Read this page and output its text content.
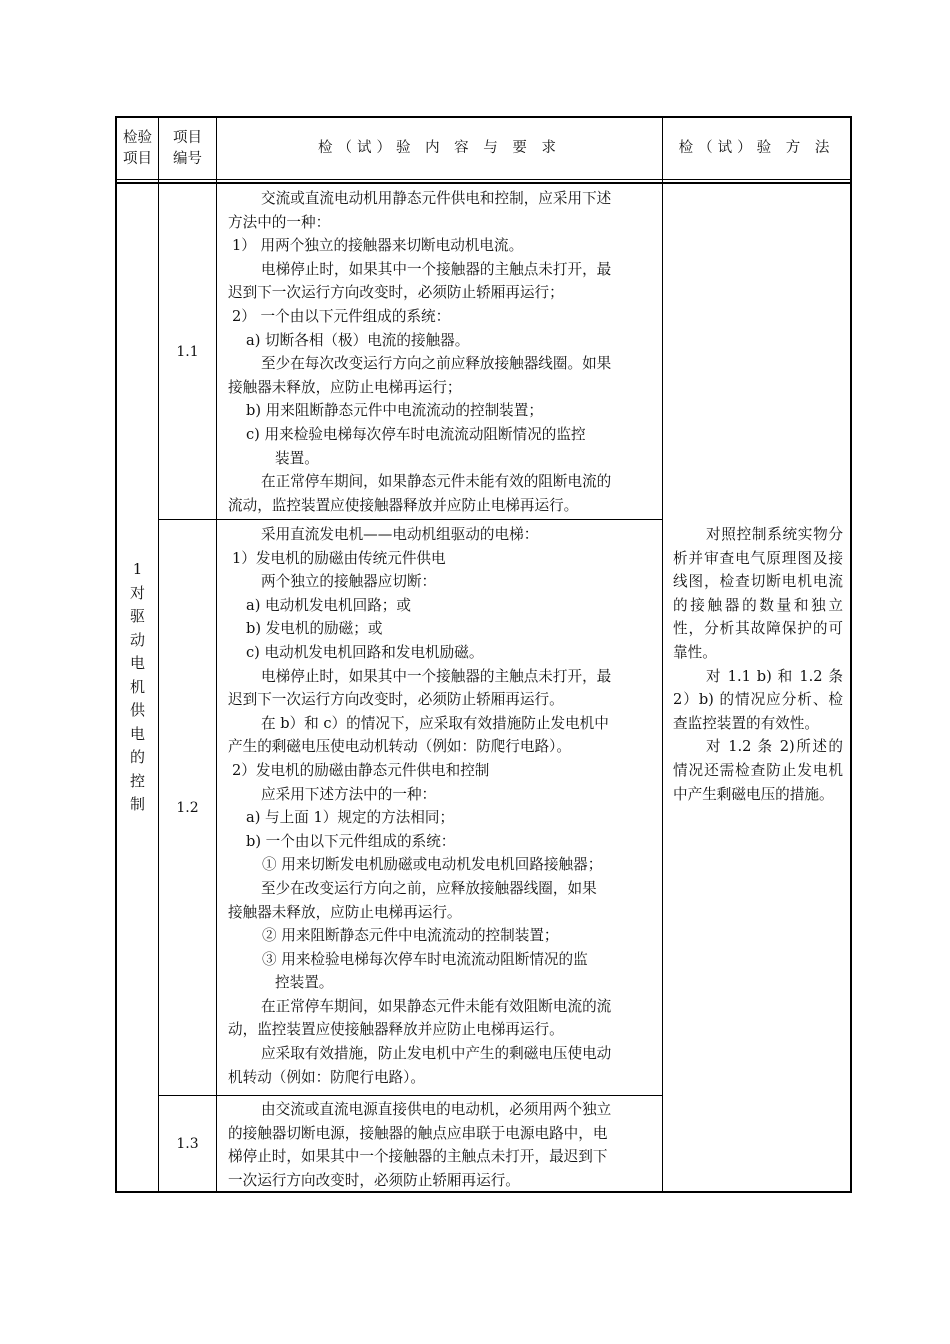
检验
项目
项目
编号
检（试）验 内 容 与 要 求	检（试）验 方 法
1
对
驱
动
电
机
供
电
的
控
制
1.1
1.2
1.3

交流或直流电动机用静态元件供电和控制，应采用下述

方法中的一种：

1） 用两个独立的接触器来切断电动机电流。

电梯停止时，如果其中一个接触器的主触点未打开，最

迟到下一次运行方向改变时，必须防止轿厢再运行；

2） 一个由以下元件组成的系统：

a) 切断各相（极）电流的接触器。

至少在每次改变运行方向之前应释放接触器线圈。如果

接触器未释放，应防止电梯再运行；

b) 用来阻断静态元件中电流流动的控制装置；

c) 用来检验电梯每次停车时电流流动阻断情况的监控

装置。

在正常停车期间，如果静态元件未能有效的阻断电流的

流动，监控装置应使接触器释放并应防止电梯再运行。

采用直流发电机——电动机组驱动的电梯：

1）发电机的励磁由传统元件供电

两个独立的接触器应切断：

a) 电动机发电机回路；或

b) 发电机的励磁；或

c) 电动机发电机回路和发电机励磁。

电梯停止时，如果其中一个接触器的主触点未打开，最

迟到下一次运行方向改变时，必须防止轿厢再运行。

在 b）和 c）的情况下，应采取有效措施防止发电机中

产生的剩磁电压使电动机转动（例如：防爬行电路）。

2）发电机的励磁由静态元件供电和控制

应采用下述方法中的一种：

a) 与上面 1）规定的方法相同；

b) 一个由以下元件组成的系统：

① 用来切断发电机励磁或电动机发电机回路接触器；

至少在改变运行方向之前，应释放接触器线圈，如果

接触器未释放，应防止电梯再运行。

② 用来阻断静态元件中电流流动的控制装置；

③ 用来检验电梯每次停车时电流流动阻断情况的监

控装置。

在正常停车期间，如果静态元件未能有效阻断电流的流

动，监控装置应使接触器释放并应防止电梯再运行。

应采取有效措施，防止发电机中产生的剩磁电压使电动

机转动（例如：防爬行电路）。

由交流或直流电源直接供电的电动机，必须用两个独立

的接触器切断电源，接触器的触点应串联于电源电路中，电

梯停止时，如果其中一个接触器的主触点未打开，最迟到下

一次运行方向改变时，必须防止轿厢再运行。

对照控制系统实物分析并审查电气原理图及接线图，检查切断电机电流的接触器的数量和独立性，分析其故障保护的可靠性。

对 1.1 b) 和 1.2 条 2）b) 的情况应分析、检查监控装置的有效性。

对 1.2 条 2)所述的情况还需检查防止发电机中产生剩磁电压的措施。
